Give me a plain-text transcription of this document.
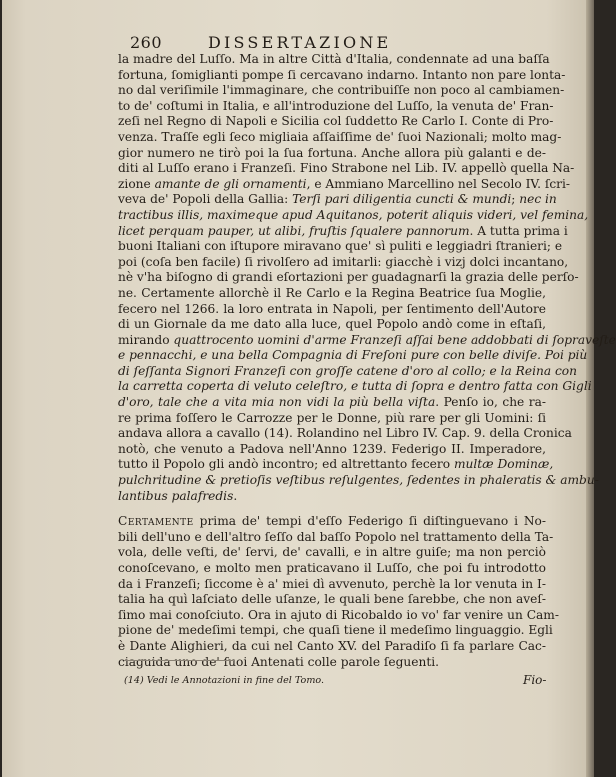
260	DISSERTAZIONE
la madre del Luſſo. Ma in altre Città d'Italia, condennate ad una baſſa
fortuna, ſomiglianti pompe ſi cercavano indarno. Intanto non pare lonta-
no dal veriſimile l'immaginare, che contribuiſſe non poco al cambiamen-
to de' coſtumi in Italia, e all'introduzione del Luſſo, la venuta de' Fran-
zeſi nel Regno di Napoli e Sicilia col ſuddetto Re Carlo I. Conte di Pro-
venza. Traſſe egli ſeco migliaia aſſaiſſime de' ſuoi Nazionali; molto mag-
gior numero ne tirò poi la ſua fortuna. Anche allora più galanti e de-
diti al Luſſo erano i Franzeſi. Fino Strabone nel Lib. IV. appellò quella Na-
zione amante de gli ornamenti, e Ammiano Marcellino nel Secolo IV. ſcri-
veva de' Popoli della Gallia: Terſi pari diligentia cuncti & mundi; nec in
tractibus illis, maximeque apud Aquitanos, poterit aliquis videri, vel femina,
licet perquam pauper, ut alibi, fruſtis ſqualere pannorum. A tutta prima i
buoni Italiani con iſtupore miravano que' sì puliti e leggiadri ſtranieri; e
poi (coſa ben facile) ſi rivolſero ad imitarli: giacchè i vizj dolci incantano,
nè v'ha biſogno di grandi eſortazioni per guadagnarſi la grazia delle perſo-
ne. Certamente allorchè il Re Carlo e la Regina Beatrice ſua Moglie,
fecero nel 1266. la loro entrata in Napoli, per ſentimento dell'Autore
di un Giornale da me dato alla luce, quel Popolo andò come in eſtaſi,
mirando quattrocento uomini d'arme Franzeſi aſſai bene addobbati di ſopraveſte
e pennacchi, e una bella Compagnia di Freſoni pure con belle diviſe. Poi più
di ſeſſanta Signori Franzeſi con groſſe catene d'oro al collo; e la Reina con
la carretta coperta di veluto celeſtro, e tutta di ſopra e dentro fatta con Gigli
d'oro, tale che a vita mia non vidi la più bella viſta. Penſo io, che ra-
re prima foſſero le Carrozze per le Donne, più rare per gli Uomini: ſi
andava allora a cavallo (14). Rolandino nel Libro IV. Cap. 9. della Cronica
notò, che venuto a Padova nell'Anno 1239. Federigo II. Imperadore,
tutto il Popolo gli andò incontro; ed altrettanto fecero multæ Dominæ,
pulchritudine & pretioſis veſtibus reſulgentes, ſedentes in phaleratis & ambu-
lantibus palafredis.
Certamente prima de' tempi d'eſſo Federigo ſi diſtinguevano i No-
bili dell'uno e dell'altro ſeſſo dal baſſo Popolo nel trattamento della Ta-
vola, delle veſti, de' ſervi, de' cavalli, e in altre guiſe; ma non perciò
conoſcevano, e molto men praticavano il Luſſo, che poi fu introdotto
da i Franzeſi; ſiccome è a' miei dì avvenuto, perchè la lor venuta in I-
talia ha quì laſciato delle uſanze, le quali bene ſarebbe, che non aveſ-
ſimo mai conoſciuto. Ora in ajuto di Ricobaldo io vo' far venire un Cam-
pione de' medeſimi tempi, che quaſi tiene il medeſimo linguaggio. Egli
è Dante Alighieri, da cui nel Canto XV. del Paradiſo ſi fa parlare Cac-
ciaguida uno de' ſuoi Antenati colle parole ſeguenti.
(14) Vedi le Annotazioni in fine del Tomo.	Fio-
